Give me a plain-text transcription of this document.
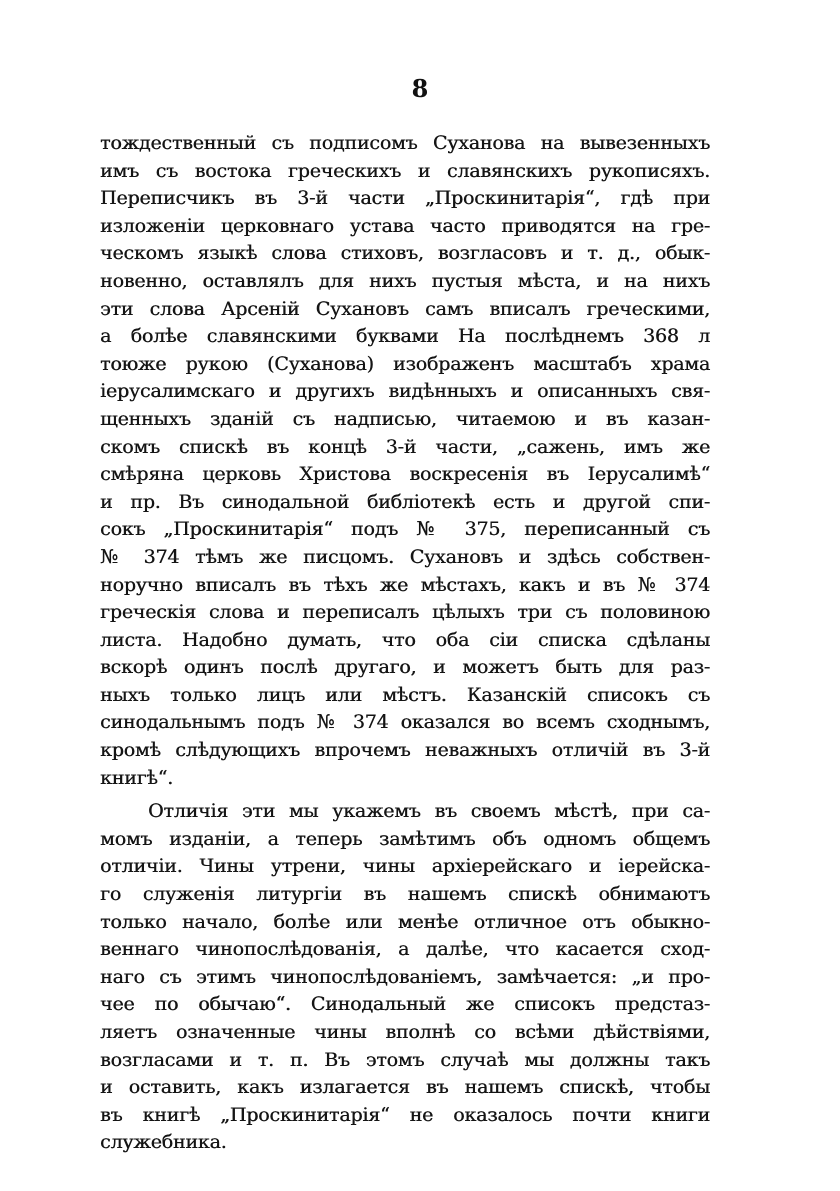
8
тождественный съ подписомъ Суханова на вывезенныхъ
имъ съ востока греческихъ и славянскихъ рукописяхъ.
Переписчикъ въ 3-й части „Проскинитарія“, гдѣ при
изложеніи церковнаго устава часто приводятся на гре-
ческомъ языкѣ слова стиховъ, возгласовъ и т. д., обык-
новенно, оставлялъ для нихъ пустыя мѣста, и на нихъ
эти слова Арсеній Сухановъ самъ вписалъ греческими,
а болѣе славянскими буквами На послѣднемъ 368 л
тоюже рукою (Суханова) изображенъ масштабъ храма
іерусалимскаго и другихъ видѣнныхъ и описанныхъ свя-
щенныхъ зданій съ надписью, читаемою и въ казан-
скомъ спискѣ въ концѣ 3-й части, „сажень, имъ же
смѣряна церковь Христова воскресенія въ Іерусалимѣ“
и пр. Въ синодальной библіотекѣ есть и другой спи-
сокъ „Проскинитарія“ подъ № 375, переписанный съ
№ 374 тѣмъ же писцомъ. Сухановъ и здѣсь собствен-
норучно вписалъ въ тѣхъ же мѣстахъ, какъ и въ № 374
греческія слова и переписалъ цѣлыхъ три съ половиною
листа. Надобно думать, что оба сіи списка сдѣланы
вскорѣ одинъ послѣ другаго, и можетъ быть для раз-
ныхъ только лицъ или мѣстъ. Казанскій списокъ съ
синодальнымъ подъ № 374 оказался во всемъ сходнымъ,
кромѣ слѣдующихъ впрочемъ неважныхъ отличій въ 3-й
книгѣ“.
Отличія эти мы укажемъ въ своемъ мѣстѣ, при са-
момъ изданіи, а теперь замѣтимъ объ одномъ общемъ
отличіи. Чины утрени, чины архіерейскаго и іерейска-
го служенія литургіи въ нашемъ спискѣ обнимаютъ
только начало, болѣе или менѣе отличное отъ обыкно-
веннаго чинопослѣдованія, а далѣе, что касается сход-
наго съ этимъ чинопослѣдованіемъ, замѣчается: „и про-
чее по обычаю“. Синодальный же списокъ предстаз-
ляетъ означенные чины вполнѣ со всѣми дѣйствіями,
возгласами и т. п. Въ этомъ случаѣ мы должны такъ
и оставить, какъ излагается въ нашемъ спискѣ, чтобы
въ книгѣ „Проскинитарія“ не оказалось почти книги
служебника.
